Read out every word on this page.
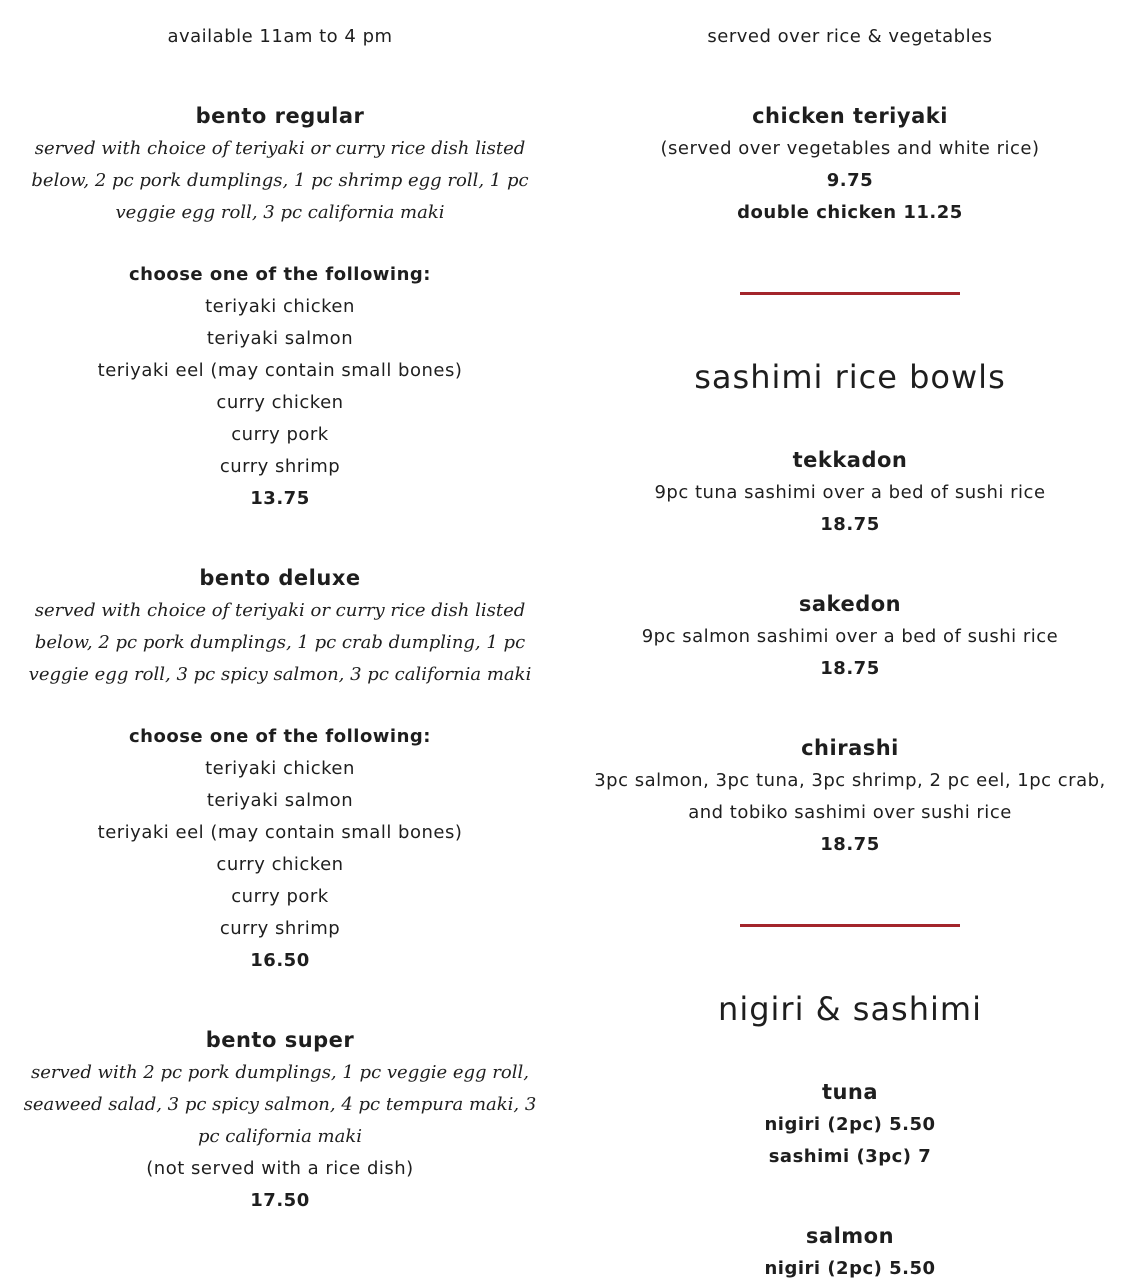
available 11am to 4 pm
bento regular
served with choice of teriyaki or curry rice dish listed below, 2 pc pork dumplings, 1 pc shrimp egg roll, 1 pc veggie egg roll, 3 pc california maki
choose one of the following:
teriyaki chicken
teriyaki salmon
teriyaki eel (may contain small bones)
curry chicken
curry pork
curry shrimp
13.75
bento deluxe
served with choice of teriyaki or curry rice dish listed below, 2 pc pork dumplings, 1 pc crab dumpling, 1 pc veggie egg roll, 3 pc spicy salmon, 3 pc california maki
choose one of the following:
teriyaki chicken
teriyaki salmon
teriyaki eel (may contain small bones)
curry chicken
curry pork
curry shrimp
16.50
bento super
served with 2 pc pork dumplings, 1 pc veggie egg roll, seaweed salad, 3 pc spicy salmon, 4 pc tempura maki, 3 pc california maki
(not served with a rice dish)
17.50
served over rice & vegetables
chicken teriyaki
(served over vegetables and white rice)
9.75
double chicken 11.25
sashimi rice bowls
tekkadon
9pc tuna sashimi over a bed of sushi rice
18.75
sakedon
9pc salmon sashimi over a bed of sushi rice
18.75
chirashi
3pc salmon, 3pc tuna, 3pc shrimp, 2 pc eel, 1pc crab, and tobiko sashimi over sushi rice
18.75
nigiri & sashimi
tuna
nigiri (2pc) 5.50
sashimi (3pc) 7
salmon
nigiri (2pc) 5.50
